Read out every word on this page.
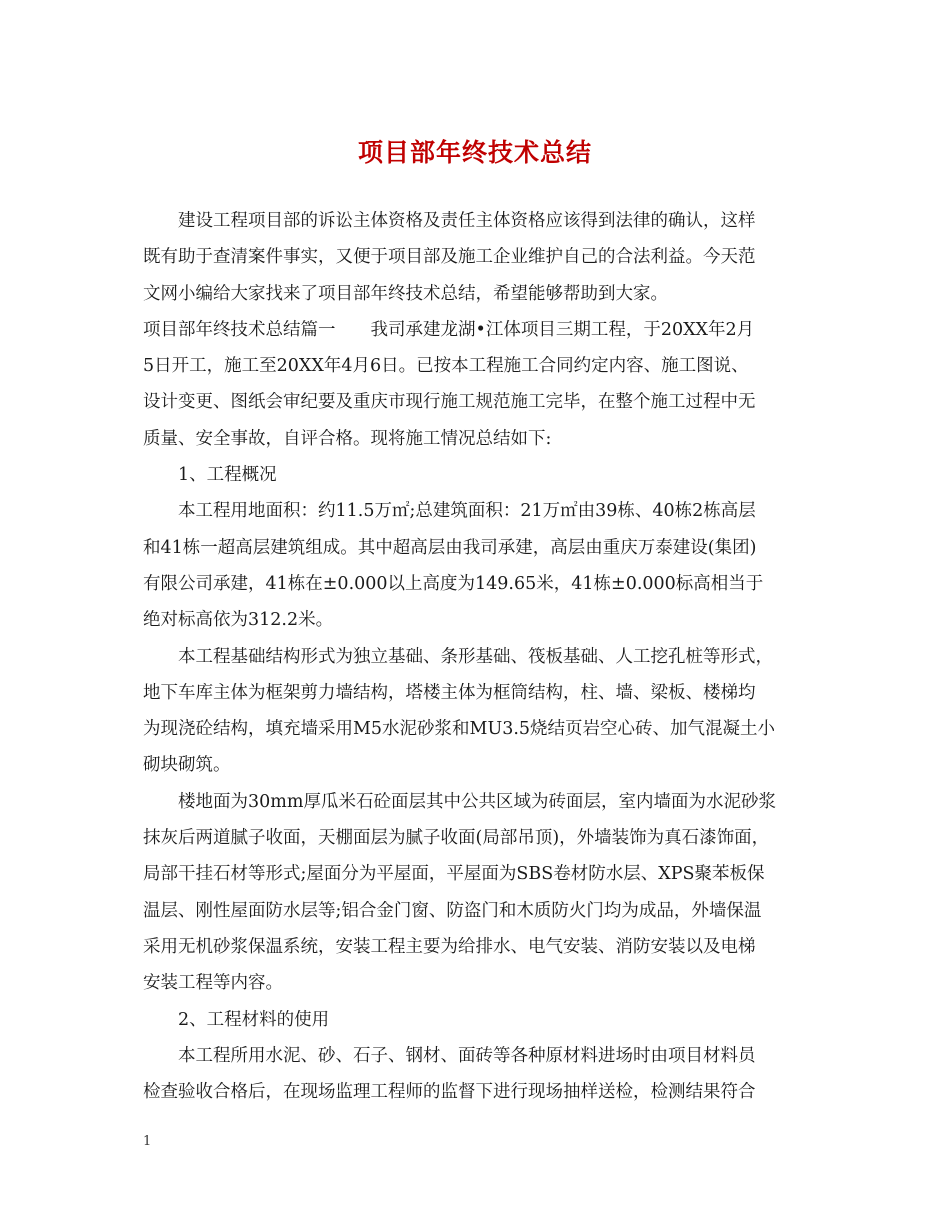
项目部年终技术总结
建设工程项目部的诉讼主体资格及责任主体资格应该得到法律的确认，这样
既有助于查清案件事实，又便于项目部及施工企业维护自己的合法利益。今天范
文网小编给大家找来了项目部年终技术总结，希望能够帮助到大家。
项目部年终技术总结篇一　　我司承建龙湖•江体项目三期工程，于20XX年2月
5日开工，施工至20XX年4月6日。已按本工程施工合同约定内容、施工图说、
设计变更、图纸会审纪要及重庆市现行施工规范施工完毕，在整个施工过程中无
质量、安全事故，自评合格。现将施工情况总结如下:
1、工程概况
本工程用地面积：约11.5万㎡;总建筑面积：21万㎡由39栋、40栋2栋高层
和41栋一超高层建筑组成。其中超高层由我司承建，高层由重庆万泰建设(集团)
有限公司承建，41栋在±0.000以上高度为149.65米，41栋±0.000标高相当于
绝对标高依为312.2米。
本工程基础结构形式为独立基础、条形基础、筏板基础、人工挖孔桩等形式，
地下车库主体为框架剪力墙结构，塔楼主体为框筒结构，柱、墙、梁板、楼梯均
为现浇砼结构，填充墙采用M5水泥砂浆和MU3.5烧结页岩空心砖、加气混凝土小
砌块砌筑。
楼地面为30mm厚瓜米石砼面层其中公共区域为砖面层，室内墙面为水泥砂浆
抹灰后两道腻子收面，天棚面层为腻子收面(局部吊顶)，外墙装饰为真石漆饰面，
局部干挂石材等形式;屋面分为平屋面，平屋面为SBS卷材防水层、XPS聚苯板保
温层、刚性屋面防水层等;铝合金门窗、防盗门和木质防火门均为成品，外墙保温
采用无机砂浆保温系统，安装工程主要为给排水、电气安装、消防安装以及电梯
安装工程等内容。
2、工程材料的使用
本工程所用水泥、砂、石子、钢材、面砖等各种原材料进场时由项目材料员
检查验收合格后，在现场监理工程师的监督下进行现场抽样送检，检测结果符合
1
